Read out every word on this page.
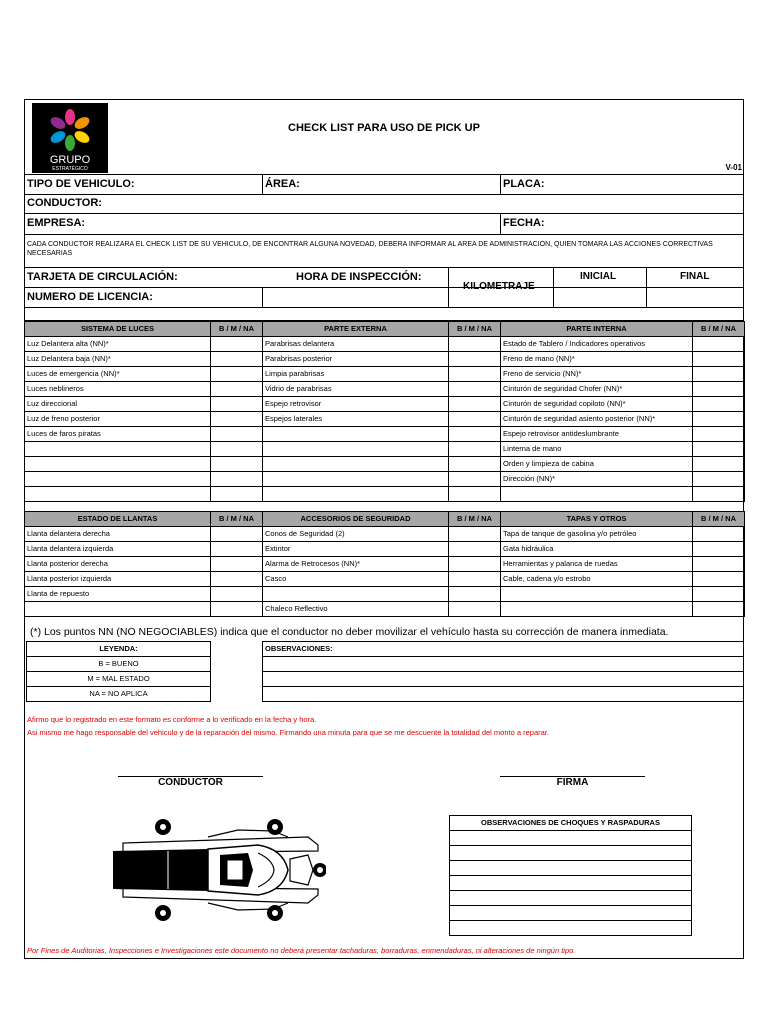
GRUPO
ESTRATÉGICO
CHECK LIST PARA USO DE PICK UP
V-01
TIPO DE VEHICULO:	ÁREA:	PLACA:
CONDUCTOR:
EMPRESA:	FECHA:
CADA CONDUCTOR REALIZARA EL CHECK LIST DE SU VEHICULO, DE ENCONTRAR ALGUNA NOVEDAD, DEBERA INFORMAR AL AREA DE ADMINISTRACION, QUIEN TOMARA LAS ACCIONES CORRECTIVAS NECESARIAS
TARJETA DE CIRCULACIÓN:	HORA DE INSPECCIÓN:
KILOMETRAJE
INICIAL	FINAL
NUMERO DE LICENCIA:
SISTEMA DE LUCES	B / M / NA	PARTE EXTERNA	B / M / NA	PARTE INTERNA	B / M / NA
Luz Delantera alta (NN)*		Parabrisas delantera		Estado de Tablero / Indicadores operativos	
Luz Delantera baja (NN)*		Parabrisas posterior		Freno de mano (NN)*	
Luces de emergencia (NN)*		Limpia parabrisas		Freno de servicio (NN)*	
Luces neblineros		Vidrio de parabrisas		Cinturón de seguridad Chofer (NN)*	
Luz direccional		Espejo retrovisor		Cinturón de seguridad copiloto (NN)*	
Luz de freno posterior		Espejos laterales		Cinturón de seguridad asiento posterior (NN)*	
Luces de faros piratas				Espejo retrovisor antideslumbrante	
				Linterna de mano	
				Orden y limpieza de cabina	
				Dirección (NN)*	

ESTADO DE LLANTAS	B / M / NA	ACCESORIOS DE SEGURIDAD	B / M / NA	TAPAS Y OTROS	B / M / NA
Llanta delantera derecha		Conos de Seguridad (2)		Tapa de tanque de gasolina y/o petróleo	
Llanta delantera izquierda		Extintor		Gata hidráulica	
Llanta posterior derecha		Alarma de Retrocesos (NN)*		Herramientas y palanca de ruedas	
Llanta posterior izquierda		Casco		Cable, cadena y/o estrobo	
Llanta de repuesto					
		Chaleco Reflectivo			
(*) Los puntos NN (NO NEGOCIABLES) indica que el conductor no deber movilizar el vehículo hasta su corrección de manera inmediata.
LEYENDA:
B = BUENO
M = MAL ESTADO
NA = NO APLICA
OBSERVACIONES:

Afirmo que lo registrado en este formato es conforme a lo verificado en la fecha y hora.
Asi mismo me hago responsable del vehiculo y de la reparación del mismo. Firmando una minuta para que se me descuente la totalidad del monto a reparar.
CONDUCTOR	FIRMA
OBSERVACIONES DE CHOQUES Y RASPADURAS

Por Fines de Auditorias, Inspecciones e Investigaciones este documento no deberá presentar tachaduras, borraduras, enmendaduras, ni alteraciones de ningún tipo.
